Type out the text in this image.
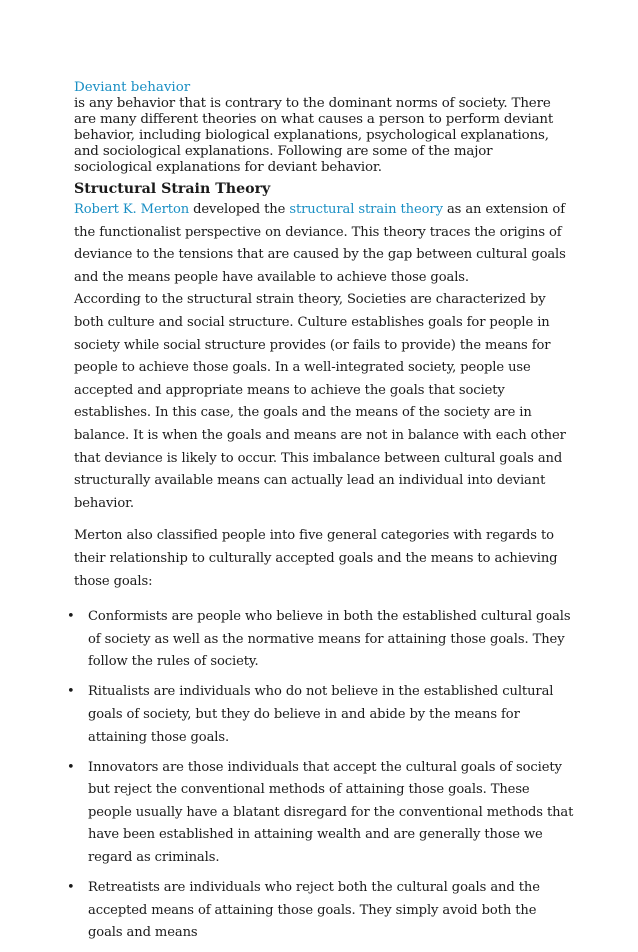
Deviant behavior

is any behavior that is contrary to the dominant norms of society. There are many different theories on what causes a person to perform deviant behavior, including biological explanations, psychological explanations, and sociological explanations. Following are some of the major sociological explanations for deviant behavior.

Structural Strain Theory

Robert K. Merton developed the structural strain theory as an extension of the functionalist perspective on deviance. This theory traces the origins of deviance to the tensions that are caused by the gap between cultural goals and the means people have available to achieve those goals.

According to the structural strain theory, Societies are characterized by both culture and social structure. Culture establishes goals for people in society while social structure provides (or fails to provide) the means for people to achieve those goals. In a well-integrated society, people use accepted and appropriate means to achieve the goals that society establishes. In this case, the goals and the means of the society are in balance. It is when the goals and means are not in balance with each other that deviance is likely to occur. This imbalance between cultural goals and structurally available means can actually lead an individual into deviant behavior.

Merton also classified people into five general categories with regards to their relationship to culturally accepted goals and the means to achieving those goals:

• Conformists are people who believe in both the established cultural goals of society as well as the normative means for attaining those goals. They follow the rules of society.
• Ritualists are individuals who do not believe in the established cultural goals of society, but they do believe in and abide by the means for attaining those goals.
• Innovators are those individuals that accept the cultural goals of society but reject the conventional methods of attaining those goals. These people usually have a blatant disregard for the conventional methods that have been established in attaining wealth and are generally those we regard as criminals.
• Retreatists are individuals who reject both the cultural goals and the accepted means of attaining those goals. They simply avoid both the goals and means
